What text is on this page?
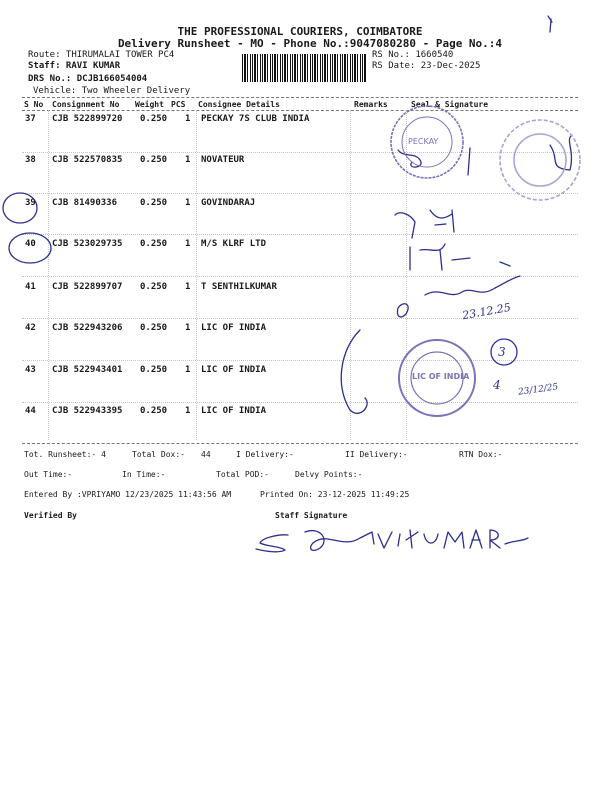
THE PROFESSIONAL COURIERS, COIMBATORE
Delivery Runsheet - MO - Phone No.:9047080280 - Page No.:4
Route: THIRUMALAI TOWER PC4
Staff: RAVI KUMAR
DRS No.: DCJB166054004
Vehicle: Two Wheeler Delivery
RS No.: 1660540
RS Date: 23-Dec-2025
S No Consignment No Weight PCS Consignee Details	Remarks	Seal & Signature
37 CJB 522899720 0.250 1 PECKAY 7S CLUB INDIA
38 CJB 522570835 0.250 1 NOVATEUR
39 CJB 81490336	0.250 1 GOVINDARAJ
40 CJB 523029735 0.250 1 M/S KLRF LTD
41 CJB 522899707 0.250 1 T SENTHILKUMAR
42 CJB 522943206 0.250 1 LIC OF INDIA
43 CJB 522943401 0.250 1 LIC OF INDIA
44 CJB 522943395 0.250 1 LIC OF INDIA
Tot. Runsheet:- 4	Total Dox:- 44	I Delivery:-	II Delivery:-	RTN Dox:-
Out Time:-	In Time:-	Total POD:-	Delvy Points:-
Entered By :VPRIYAMO 12/23/2025 11:43:56 AM	Printed On: 23-12-2025 11:49:25
Verified By	Staff Signature
23.12.25
3
4 23/12/25
LIC OF INDIA
PECKAY
